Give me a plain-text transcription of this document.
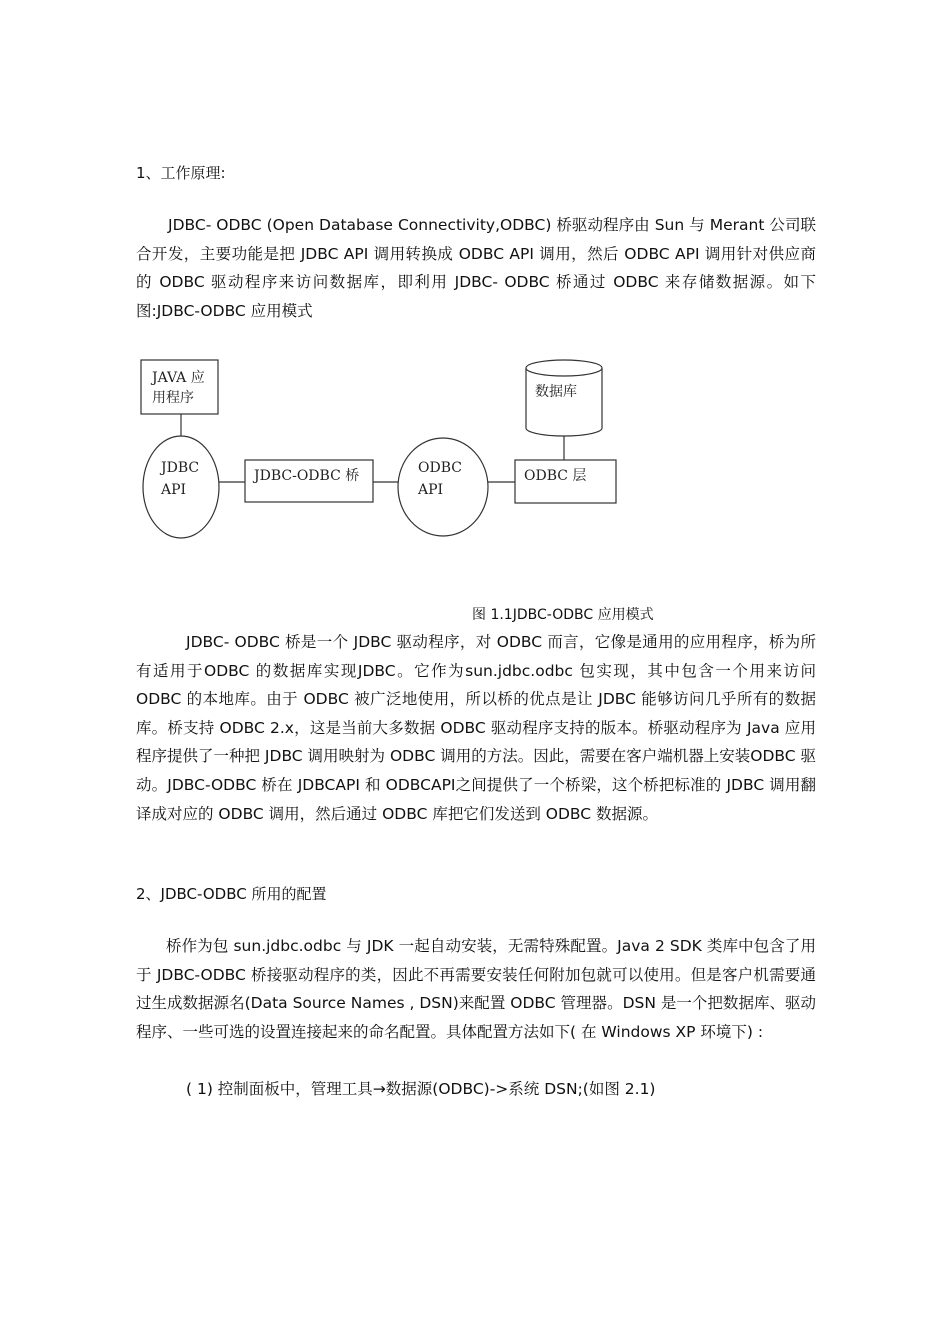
1、工作原理:

JDBC- ODBC (Open Database Connectivity,ODBC) 桥驱动程序由 Sun 与 Merant 公司联合开发，主要功能是把 JDBC API 调用转换成 ODBC API 调用，然后 ODBC API 调用针对供应商的 ODBC 驱动程序来访问数据库，即利用 JDBC- ODBC 桥通过 ODBC 来存储数据源。如下图:JDBC-ODBC 应用模式

JAVA 应
用程序
JDBC
API
JDBC-ODBC 桥	ODBC
API
ODBC 层
数据库
图 1.1JDBC-ODBC 应用模式

JDBC- ODBC 桥是一个 JDBC 驱动程序，对 ODBC 而言，它像是通用的应用程序，桥为所有适用于ODBC 的数据库实现JDBC。它作为sun.jdbc.odbc 包实现，其中包含一个用来访问 ODBC 的本地库。由于 ODBC 被广泛地使用，所以桥的优点是让 JDBC 能够访问几乎所有的数据库。桥支持 ODBC 2.x，这是当前大多数据 ODBC 驱动程序支持的版本。桥驱动程序为 Java 应用程序提供了一种把 JDBC 调用映射为 ODBC 调用的方法。因此，需要在客户端机器上安装ODBC 驱动。JDBC-ODBC 桥在 JDBCAPI 和 ODBCAPI之间提供了一个桥梁，这个桥把标准的 JDBC 调用翻译成对应的 ODBC 调用，然后通过 ODBC 库把它们发送到 ODBC 数据源。

2、JDBC-ODBC 所用的配置

桥作为包 sun.jdbc.odbc 与 JDK 一起自动安装，无需特殊配置。Java 2 SDK 类库中包含了用于 JDBC-ODBC 桥接驱动程序的类，因此不再需要安装任何附加包就可以使用。但是客户机需要通过生成数据源名(Data Source Names , DSN)来配置 ODBC 管理器。DSN 是一个把数据库、驱动程序、一些可选的设置连接起来的命名配置。具体配置方法如下( 在 Windows XP 环境下) :

( 1) 控制面板中，管理工具→数据源(ODBC)->系统 DSN;(如图 2.1)
